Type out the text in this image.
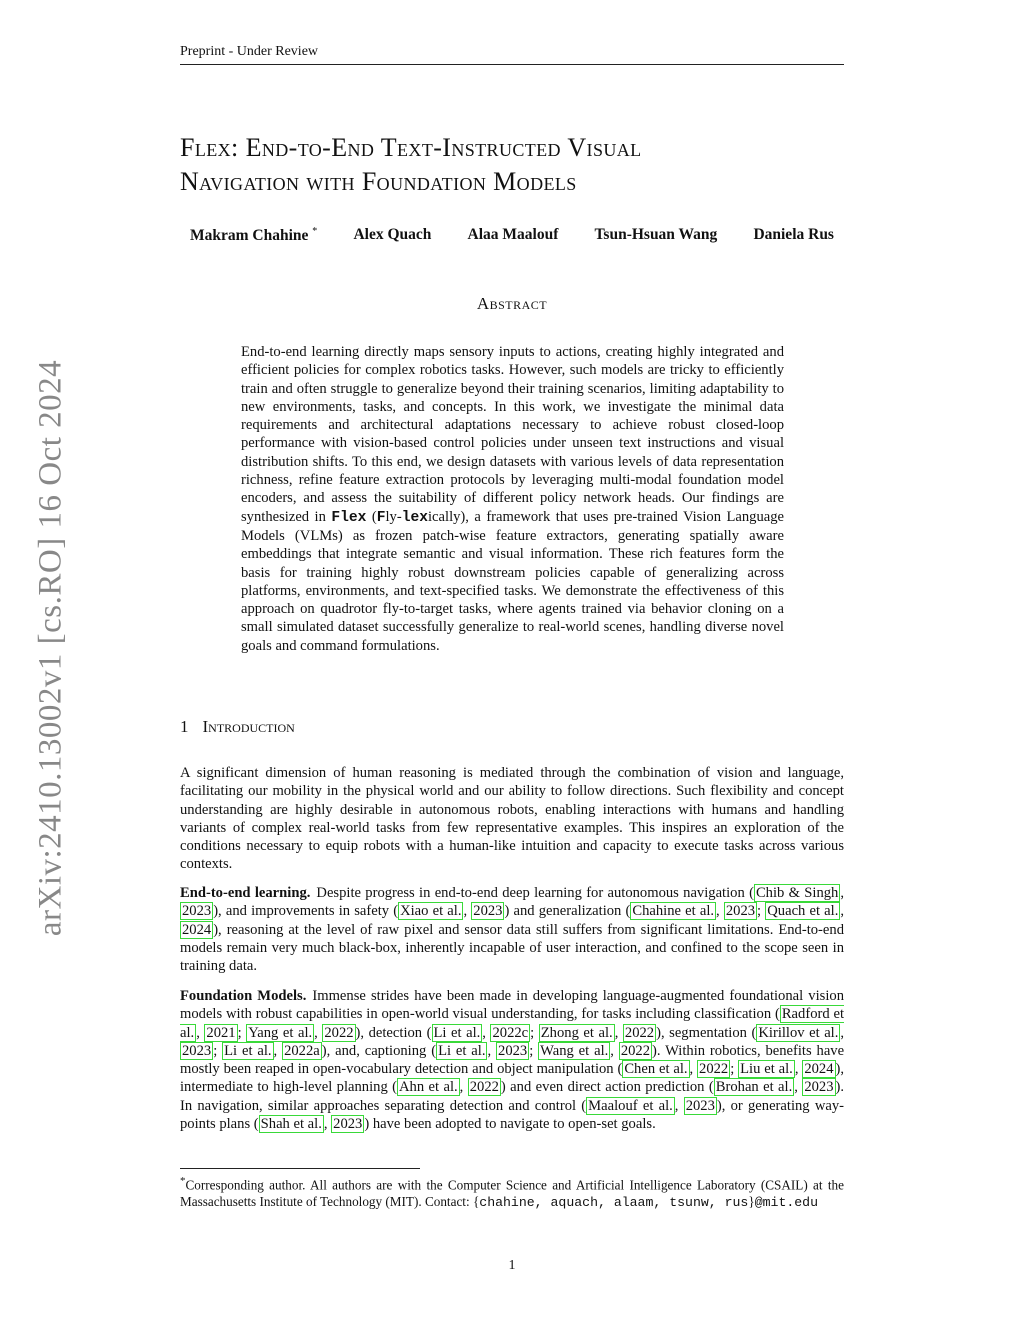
Preprint - Under Review
Flex: End-to-End Text-Instructed Visual
Navigation with Foundation Models
Makram Chahine * Alex Quach Alaa Maalouf Tsun-Hsuan Wang Daniela Rus
Abstract
End-to-end learning directly maps sensory inputs to actions, creating highly integrated and efficient policies for complex robotics tasks. However, such models are tricky to efficiently train and often struggle to generalize beyond their training scenarios, limiting adaptability to new environments, tasks, and concepts. In this work, we investigate the minimal data requirements and architectural adaptations necessary to achieve robust closed-loop performance with vision-based control policies under unseen text instructions and visual distribution shifts. To this end, we design datasets with various levels of data representation richness, refine feature extraction protocols by leveraging multi-modal foundation model encoders, and assess the suitability of different policy network heads. Our findings are synthesized in Flex (Fly-lexically), a framework that uses pre-trained Vision Language Models (VLMs) as frozen patch-wise feature extractors, generating spatially aware embeddings that integrate semantic and visual information. These rich features form the basis for training highly robust downstream policies capable of generalizing across platforms, environments, and text-specified tasks. We demonstrate the effectiveness of this approach on quadrotor fly-to-target tasks, where agents trained via behavior cloning on a small simulated dataset successfully generalize to real-world scenes, handling diverse novel goals and command formulations.
1 Introduction
A significant dimension of human reasoning is mediated through the combination of vision and language, facilitating our mobility in the physical world and our ability to follow directions. Such flexibility and concept understanding are highly desirable in autonomous robots, enabling interactions with humans and handling variants of complex real-world tasks from few representative examples. This inspires an exploration of the conditions necessary to equip robots with a human-like intuition and capacity to execute tasks across various contexts.
End-to-end learning. Despite progress in end-to-end deep learning for autonomous navigation ( Chib & Singh , 2023 ), and improvements in safety ( Xiao et al. , 2023 ) and generalization ( Chahine et al. , 2023 ; Quach et al. , 2024 ), reasoning at the level of raw pixel and sensor data still suffers from significant limitations. End-to-end models remain very much black-box, inherently incapable of user interaction, and confined to the scope seen in training data.
Foundation Models. Immense strides have been made in developing language-augmented foundational vision models with robust capabilities in open-world visual understanding, for tasks including classification ( Radford et al. , 2021 ; Yang et al. , 2022 ), detection ( Li et al. , 2022c ; Zhong et al. , 2022 ), segmentation ( Kirillov et al. , 2023 ; Li et al. , 2022a ), and, captioning ( Li et al. , 2023 ; Wang et al. , 2022 ). Within robotics, benefits have mostly been reaped in open-vocabulary detection and object manipulation ( Chen et al. , 2022 ; Liu et al. , 2024 ), intermediate to high-level planning ( Ahn et al. , 2022 ) and even direct action prediction ( Brohan et al. , 2023 ). In navigation, similar approaches separating detection and control ( Maalouf et al. , 2023 ), or generating way-points plans ( Shah et al. , 2023 ) have been adopted to navigate to open-set goals.
*Corresponding author. All authors are with the Computer Science and Artificial Intelligence Laboratory (CSAIL) at the Massachusetts Institute of Technology (MIT). Contact: {chahine, aquach, alaam, tsunw, rus}@mit.edu
1
arXiv:2410.13002v1 [cs.RO] 16 Oct 2024
